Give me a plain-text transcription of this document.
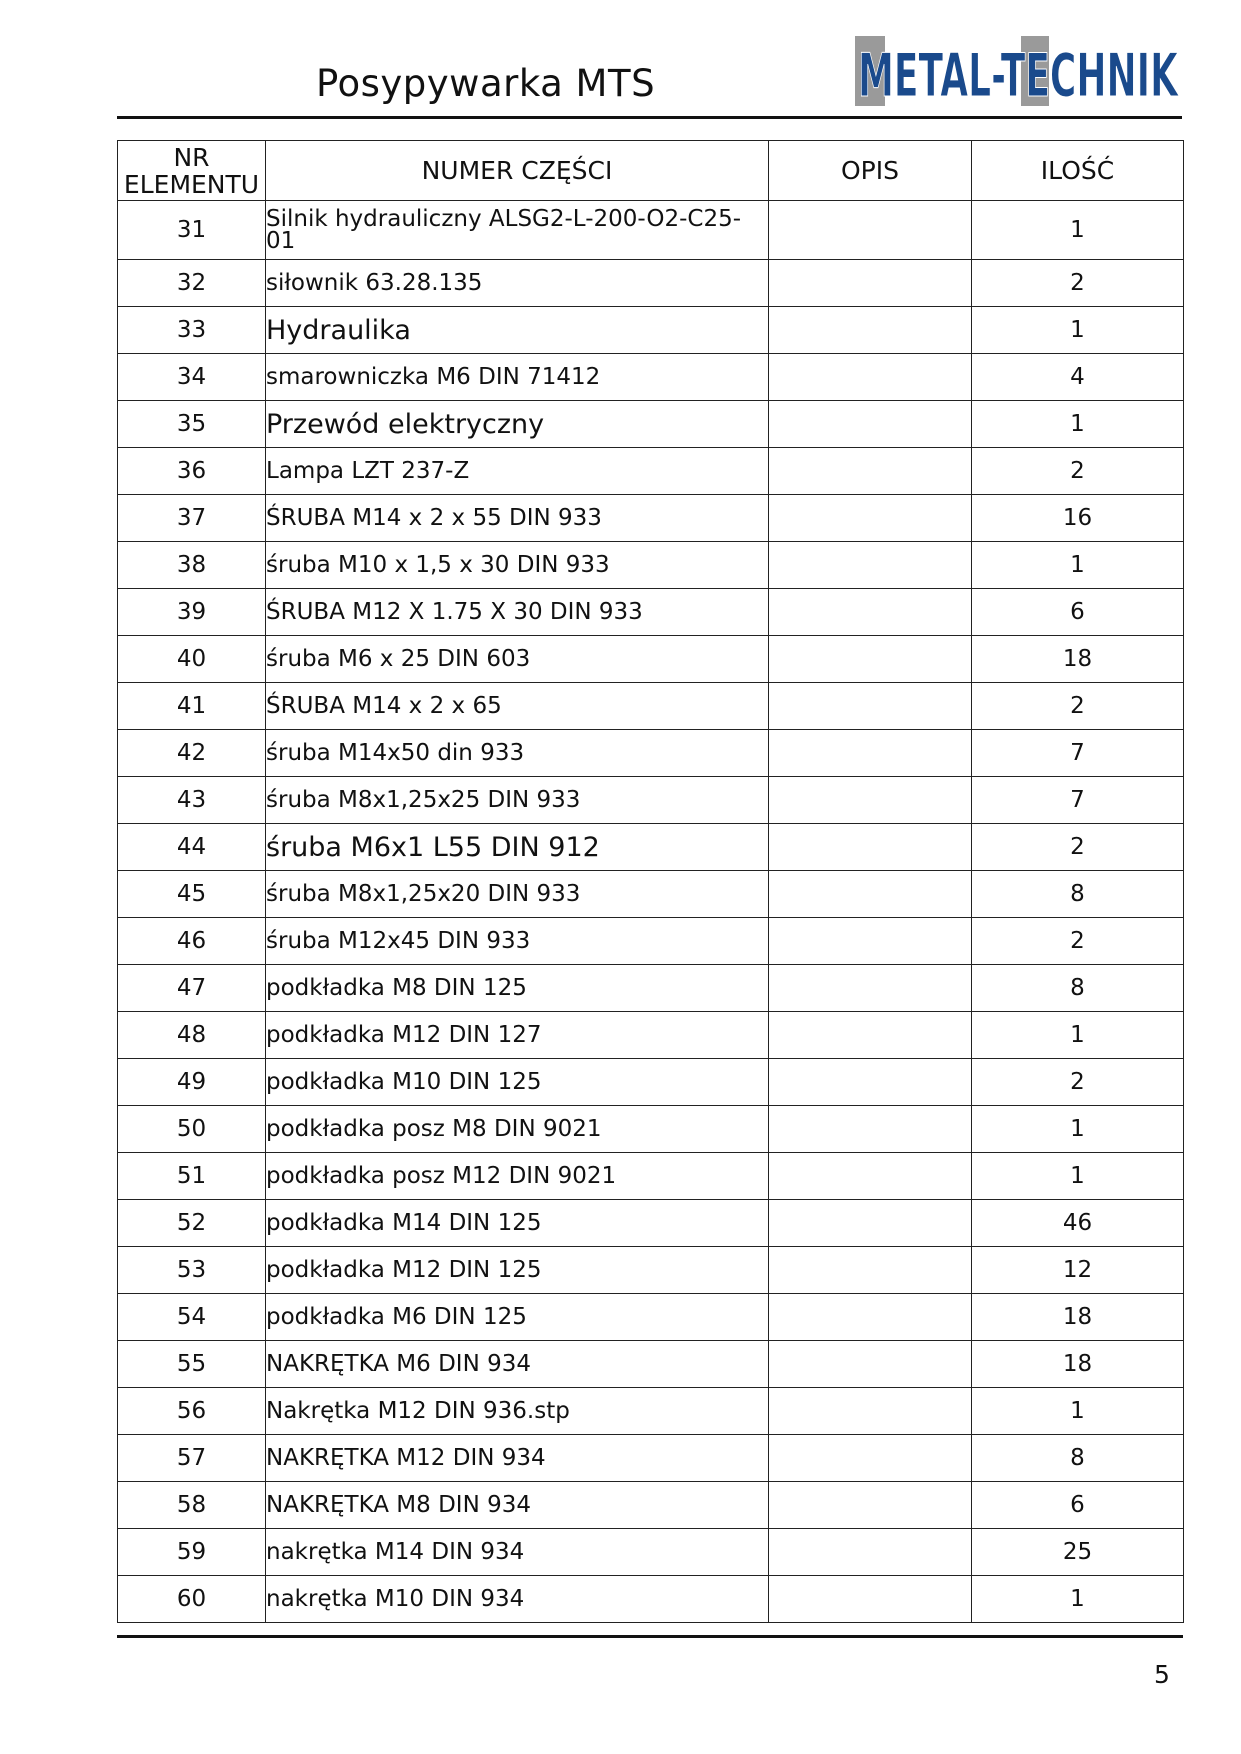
Posypywarka MTS	METAL-TECHNIK
NR ELEMENTU	NUMER CZĘŚCI	OPIS	ILOŚĆ
31	Silnik hydrauliczny ALSG2-L-200-O2-C25-01		1
32	siłownik 63.28.135		2
33	Hydraulika		1
34	smarowniczka M6 DIN 71412		4
35	Przewód elektryczny		1
36	Lampa LZT 237-Z		2
37	ŚRUBA M14 x 2 x 55 DIN 933		16
38	śruba M10 x 1,5 x 30 DIN 933		1
39	ŚRUBA M12 X 1.75 X 30 DIN 933		6
40	śruba M6 x 25 DIN 603		18
41	ŚRUBA M14 x 2 x 65		2
42	śruba M14x50 din 933		7
43	śruba M8x1,25x25 DIN 933		7
44	śruba M6x1 L55 DIN 912		2
45	śruba M8x1,25x20 DIN 933		8
46	śruba M12x45 DIN 933		2
47	podkładka M8 DIN 125		8
48	podkładka M12 DIN 127		1
49	podkładka M10 DIN 125		2
50	podkładka posz M8 DIN 9021		1
51	podkładka posz M12 DIN 9021		1
52	podkładka M14 DIN 125		46
53	podkładka M12 DIN 125		12
54	podkładka M6 DIN 125		18
55	NAKRĘTKA M6 DIN 934		18
56	Nakrętka M12 DIN 936.stp		1
57	NAKRĘTKA M12 DIN 934		8
58	NAKRĘTKA M8 DIN 934		6
59	nakrętka M14 DIN 934		25
60	nakrętka M10 DIN 934		1
5
